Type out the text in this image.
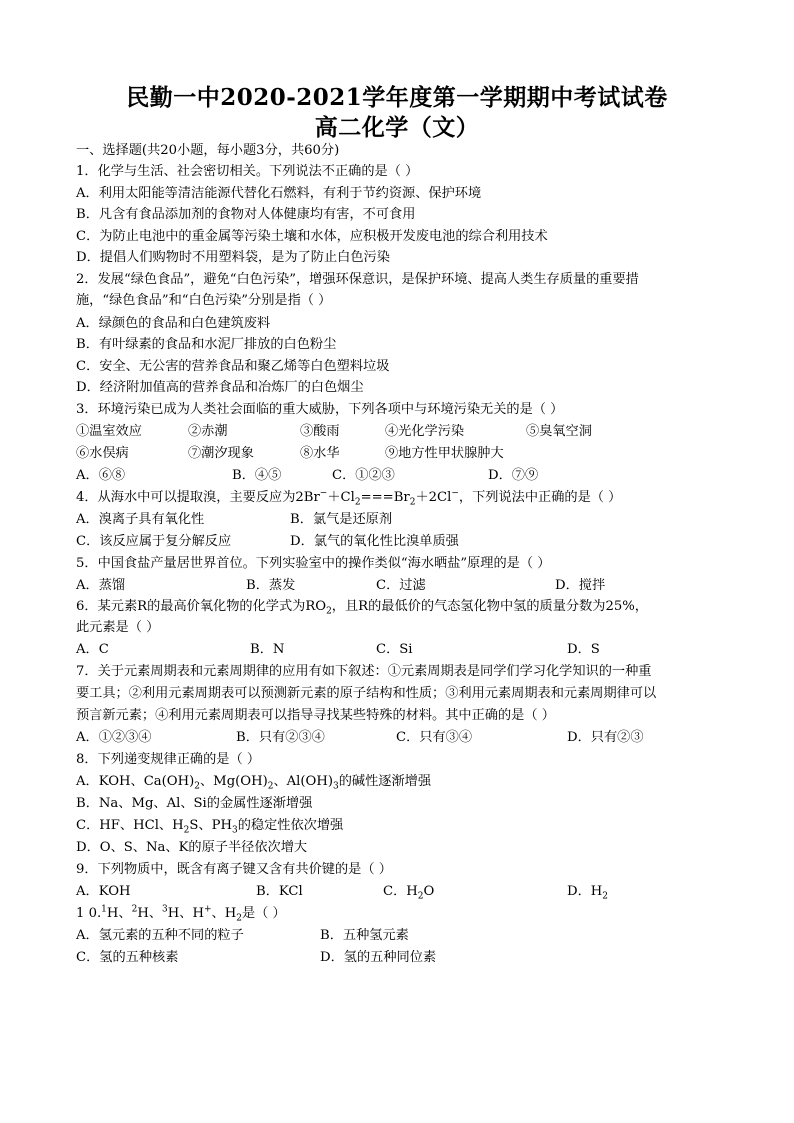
民勤一中2020-2021学年度第一学期期中考试试卷
高二化学（文）
一、选择题(共20小题，每小题3分，共60分)
1．化学与生活、社会密切相关。下列说法不正确的是（ ）
A．利用太阳能等清洁能源代替化石燃料，有利于节约资源、保护环境
B．凡含有食品添加剂的食物对人体健康均有害，不可食用
C．为防止电池中的重金属等污染土壤和水体，应积极开发废电池的综合利用技术
D．提倡人们购物时不用塑料袋，是为了防止白色污染
2．发展“绿色食品”，避免“白色污染”，增强环保意识，是保护环境、提高人类生存质量的重要措
施，“绿色食品”和“白色污染”分别是指（ ）
A．绿颜色的食品和白色建筑废料
B．有叶绿素的食品和水泥厂排放的白色粉尘
C．安全、无公害的营养食品和聚乙烯等白色塑料垃圾
D．经济附加值高的营养食品和冶炼厂的白色烟尘
3．环境污染已成为人类社会面临的重大威胁，下列各项中与环境污染无关的是（ ）
①温室效应	②赤潮	③酸雨	④光化学污染	⑤臭氧空洞
⑥水俣病	⑦潮汐现象	⑧水华	⑨地方性甲状腺肿大
A．⑥⑧	B．④⑤	C．①②③	D．⑦⑨
4．从海水中可以提取溴，主要反应为$2Br^-+Cl_2===Br_2+2Cl^-$，下列说法中正确的是（ ）
A．溴离子具有氧化性	B．氯气是还原剂
C．该反应属于复分解反应	D．氯气的氧化性比溴单质强
5．中国食盐产量居世界首位。下列实验室中的操作类似“海水晒盐”原理的是（ ）
A．蒸馏	B．蒸发	C．过滤	D．搅拌
6．某元素R的最高价氧化物的化学式为$RO_2$，且R的最低价的气态氢化物中氢的质量分数为25%，
此元素是（ ）
A．C	B．N	C．Si	D．S
7．关于元素周期表和元素周期律的应用有如下叙述：①元素周期表是同学们学习化学知识的一种重
要工具；②利用元素周期表可以预测新元素的原子结构和性质；③利用元素周期表和元素周期律可以
预言新元素；④利用元素周期表可以指导寻找某些特殊的材料。其中正确的是（ ）
A．①②③④	B．只有②③④	C．只有③④	D．只有②③
8．下列递变规律正确的是（ ）
A．KOH、$Ca(OH)_2$、$Mg(OH)_2$、$Al(OH)_3$的碱性逐渐增强
B．Na、Mg、Al、Si的金属性逐渐增强
C．HF、HCl、$H_2S$、$PH_3$的稳定性依次增强
D．O、S、Na、K的原子半径依次增大
9．下列物质中，既含有离子键又含有共价键的是（ ）
A．KOH	B．KCl	C．$H_2O$	D．$H_2$
1 0.$^1$H、$^2$H、$^3$H、H+、$H_2$是（ ）
A．氢元素的五种不同的粒子	B．五种氢元素
C．氢的五种核素	D．氢的五种同位素
